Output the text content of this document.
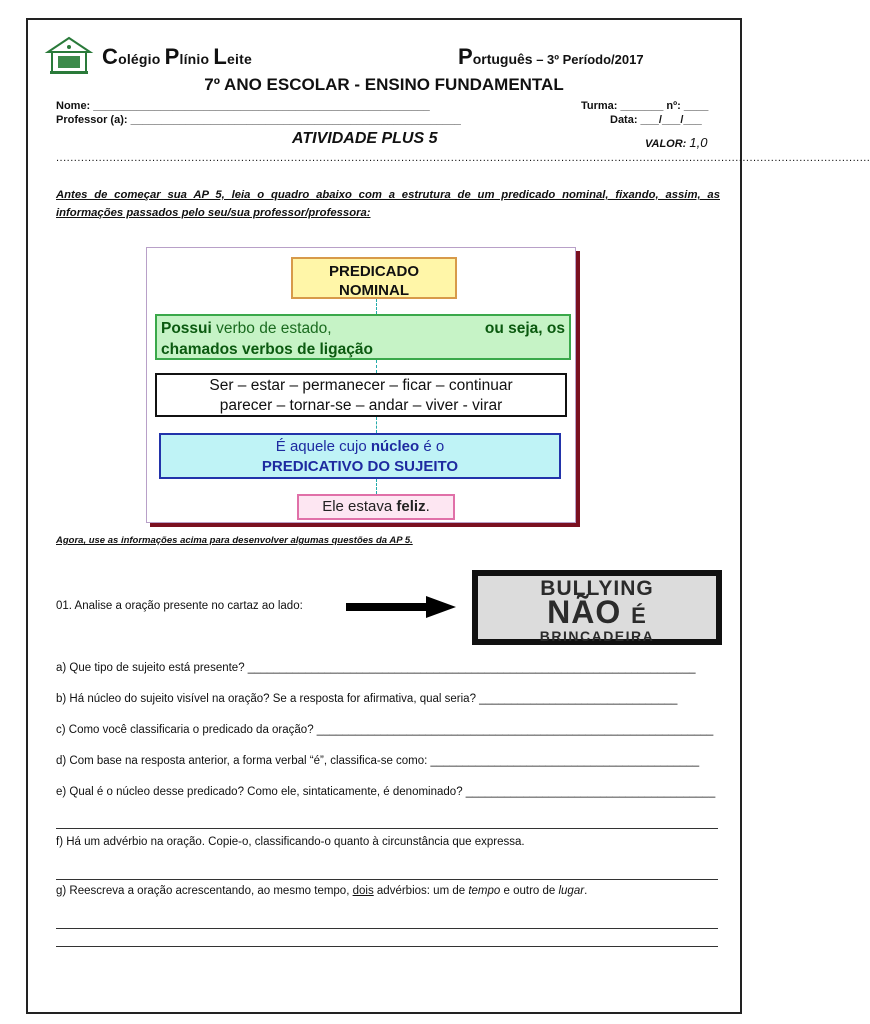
Colégio Plínio Leite	Português – 3º Período/2017
7º ANO ESCOLAR - ENSINO FUNDAMENTAL
Nome: _______________________________________________________
Professor (a): ______________________________________________________
Turma: _______ nº: ____
Data: ___/___/___
ATIVIDADE PLUS 5	VALOR: 1,0
.....................................................................................................................................................................................................................................
Antes de começar sua AP 5, leia o quadro abaixo com a estrutura de um predicado nominal, fixando, assim, as informações passados pelo seu/sua professor/professora:
PREDICADO
NOMINAL
Possui verbo de estado,	ou seja, os
chamados verbos de ligação
Ser – estar – permanecer – ficar – continuar
parecer – tornar-se – andar – viver - virar
É aquele cujo núcleo é o
PREDICATIVO DO SUJEITO
Ele estava feliz.
Agora, use as informações acima para desenvolver algumas questões da AP 5.
01. Analise a oração presente no cartaz ao lado:
BULLYING
NÃO É
BRINCADEIRA
a) Que tipo de sujeito está presente? ______________________________________________________________________
b) Há núcleo do sujeito visível na oração? Se a resposta for afirmativa, qual seria? _______________________________
c) Como você classificaria o predicado da oração? ______________________________________________________________
d) Com base na resposta anterior, a forma verbal “é”, classifica-se como: __________________________________________
e) Qual é o núcleo desse predicado? Como ele, sintaticamente, é denominado? _______________________________________
f) Há um advérbio na oração. Copie-o, classificando-o quanto à circunstância que expressa.
g) Reescreva a oração acrescentando, ao mesmo tempo, dois advérbios: um de tempo e outro de lugar.
